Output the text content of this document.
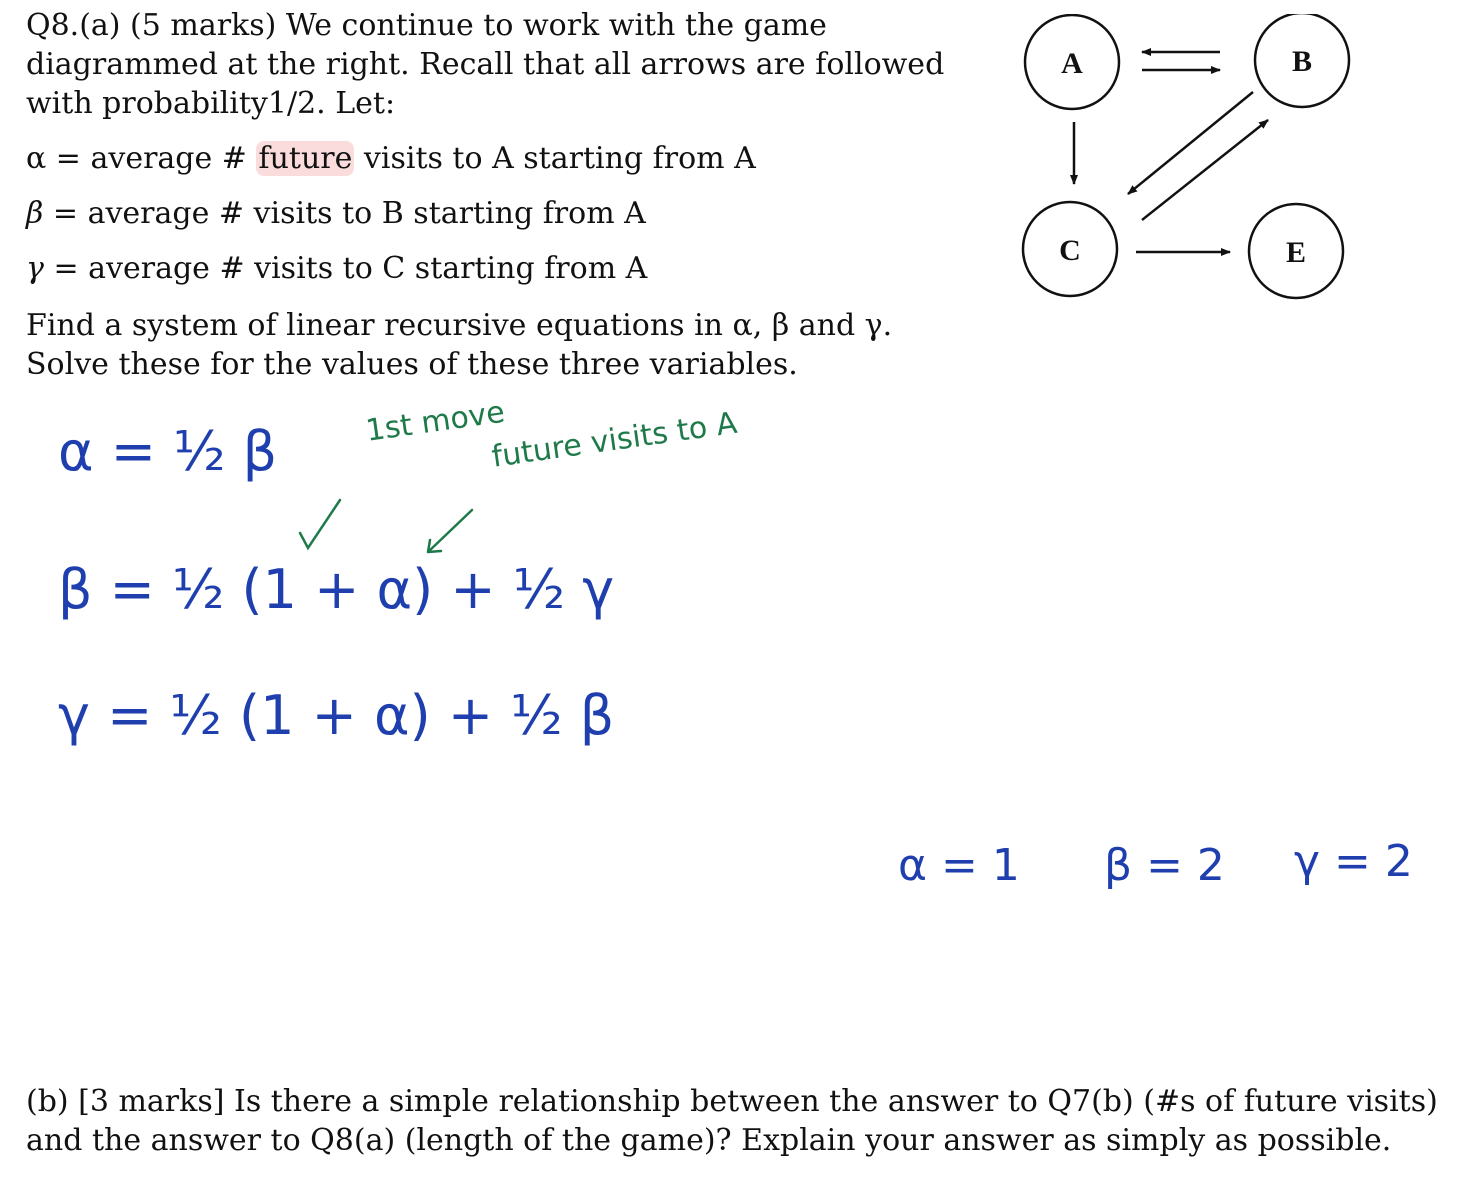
Q8.(a) (5 marks) We continue to work with the game diagrammed at the right. Recall that all arrows are followed with probability1/2. Let:
α = average # future visits to A starting from A
β = average # visits to B starting from A
γ = average # visits to C starting from A
Find a system of linear recursive equations in α, β and γ. Solve these for the values of these three variables.
A	B
C	E
α = ½ β	1st move
future visits to A
β = ½ (1 + α) + ½ γ
γ = ½ (1 + α) + ½ β
α = 1 β = 2 γ = 2
(b) [3 marks] Is there a simple relationship between the answer to Q7(b) (#s of future visits) and the answer to Q8(a) (length of the game)? Explain your answer as simply as possible.
